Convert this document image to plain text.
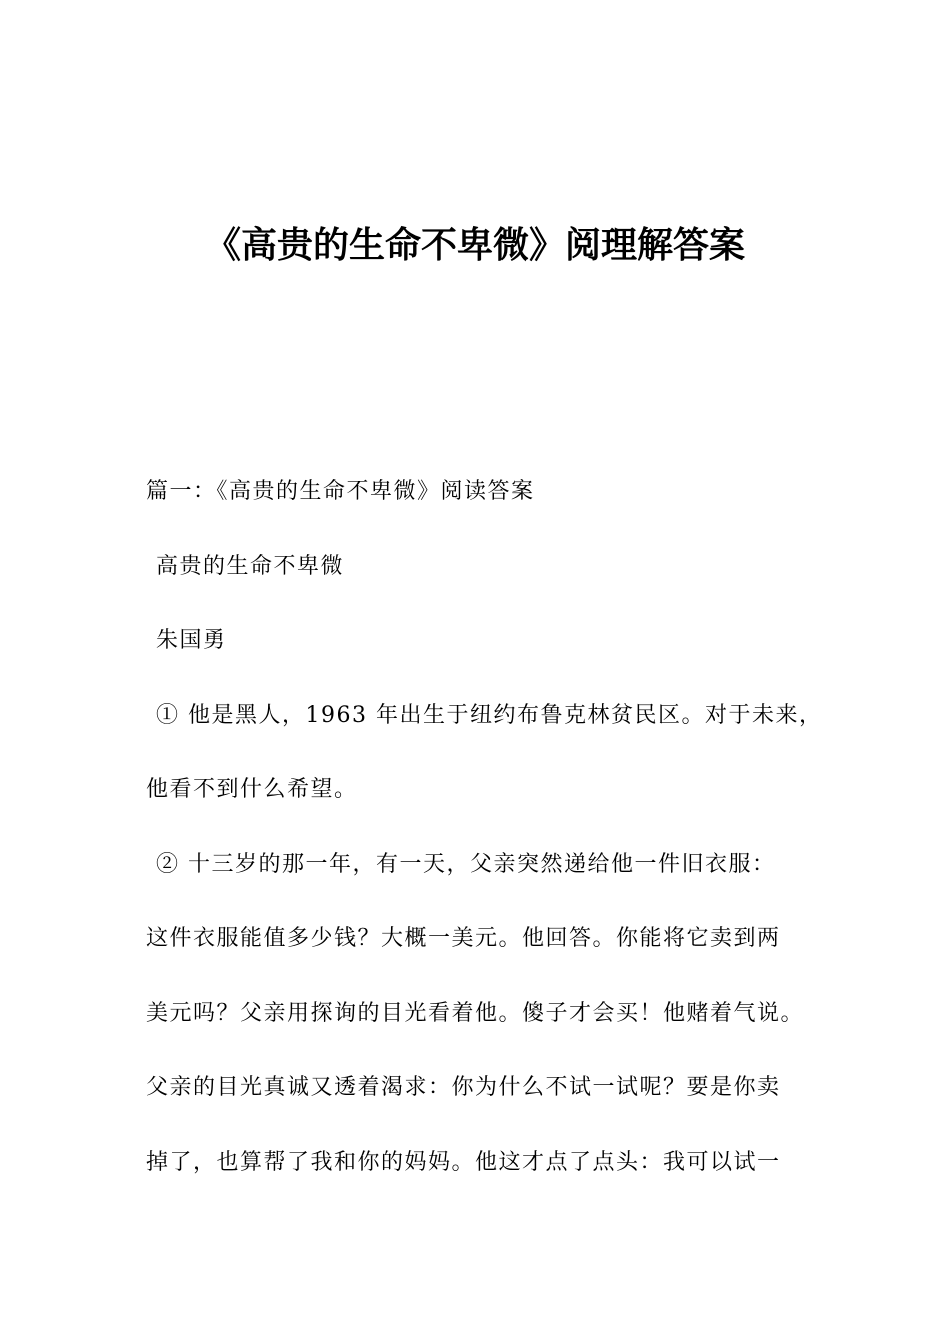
《高贵的生命不卑微》阅理解答案
篇一：《高贵的生命不卑微》阅读答案
高贵的生命不卑微
朱国勇
① 他是黑人，1963 年出生于纽约布鲁克林贫民区。对于未来，
他看不到什么希望。
② 十三岁的那一年，有一天，父亲突然递给他一件旧衣服：
这件衣服能值多少钱？大概一美元。他回答。你能将它卖到两
美元吗？父亲用探询的目光看着他。傻子才会买！他赌着气说。
父亲的目光真诚又透着渴求：你为什么不试一试呢？要是你卖
掉了，也算帮了我和你的妈妈。他这才点了点头：我可以试一
